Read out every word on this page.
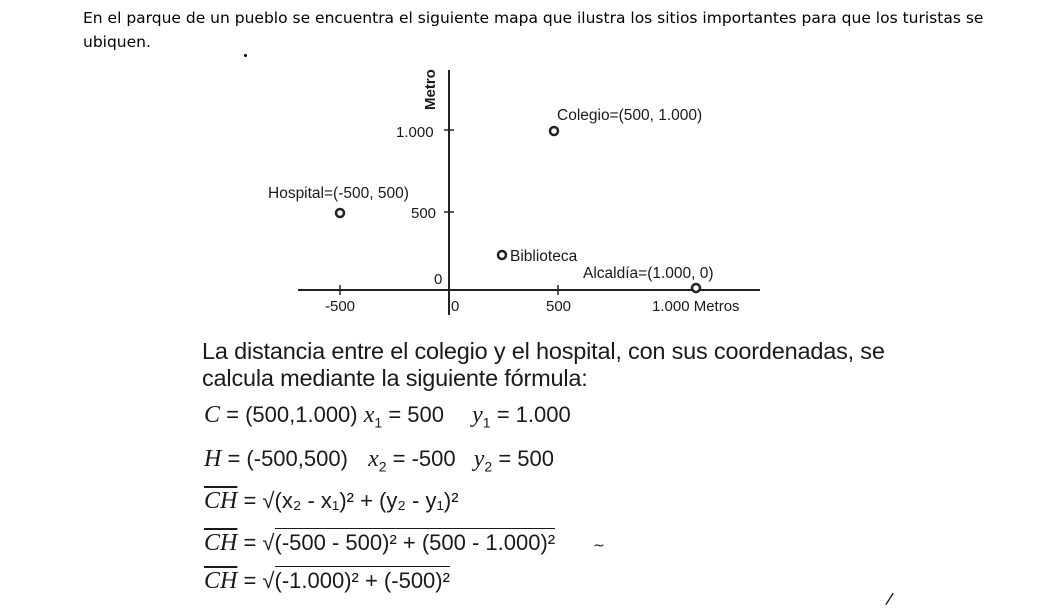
En el parque de un pueblo se encuentra el siguiente mapa que ilustra los sitios importantes para que los turistas se ubiquen.
Metro
1.000
500
0
-500	0	500	1.000 Metros
Colegio=(500, 1.000)
Hospital=(-500, 500)
Biblioteca
Alcaldía=(1.000, 0)
La distancia entre el colegio y el hospital, con sus coordenadas, se calcula mediante la siguiente fórmula:
C = (500,1.000) $x_1 = 500$ $y_1 = 1.000$
H = (-500,500) $x_2 = -500$ $y_2 = 500$
$\overline{CH} = √(x_2 - x_1)^2 + (y_2 - y_1)^2$
$\overline{CH} = √(-500 - 500)^2 + (500 - 1.000)^2$
$\overline{CH} = √(-1.000)^2 + (-500)^2$
~
/
